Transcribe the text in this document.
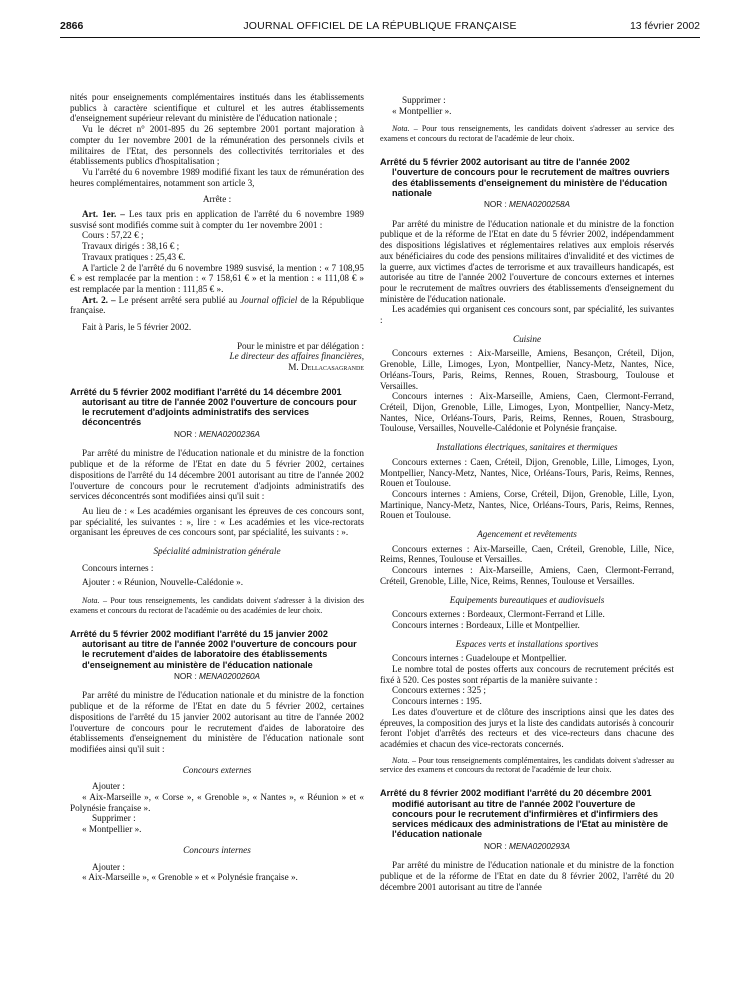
2866	JOURNAL OFFICIEL DE LA RÉPUBLIQUE FRANÇAISE	13 février 2002

nités pour enseignements complémentaires institués dans les établissements publics à caractère scientifique et culturel et les autres établissements d'enseignement supérieur relevant du ministère de l'éducation nationale ;

Vu le décret n° 2001-895 du 26 septembre 2001 portant majoration à compter du 1er novembre 2001 de la rémunération des personnels civils et militaires de l'Etat, des personnels des collectivités territoriales et des établissements publics d'hospitalisation ;

Vu l'arrêté du 6 novembre 1989 modifié fixant les taux de rémunération des heures complémentaires, notamment son article 3,

Arrête :

Art. 1er. – Les taux pris en application de l'arrêté du 6 novembre 1989 susvisé sont modifiés comme suit à compter du 1er novembre 2001 :

Cours : 57,22 € ;

Travaux dirigés : 38,16 € ;

Travaux pratiques : 25,43 €.

A l'article 2 de l'arrêté du 6 novembre 1989 susvisé, la mention : « 7 108,95 € » est remplacée par la mention : « 7 158,61 € » et la mention : « 111,08 € » est remplacée par la mention : 111,85 € ».

Art. 2. – Le présent arrêté sera publié au Journal officiel de la République française.

Fait à Paris, le 5 février 2002.

Pour le ministre et par délégation :

Le directeur des affaires financières,

M. Dellacasagrande

Arrêté du 5 février 2002 modifiant l'arrêté du 14 décembre 2001 autorisant au titre de l'année 2002 l'ouverture de concours pour le recrutement d'adjoints administratifs des services déconcentrés

NOR : MENA0200236A

Par arrêté du ministre de l'éducation nationale et du ministre de la fonction publique et de la réforme de l'Etat en date du 5 février 2002, certaines dispositions de l'arrêté du 14 décembre 2001 autorisant au titre de l'année 2002 l'ouverture de concours pour le recrutement d'adjoints administratifs des services déconcentrés sont modifiées ainsi qu'il suit :

Au lieu de : « Les académies organisant les épreuves de ces concours sont, par spécialité, les suivantes : », lire : « Les académies et les vice-rectorats organisant les épreuves de ces concours sont, par spécialité, les suivants : ».

Spécialité administration générale

Concours internes :

Ajouter : « Réunion, Nouvelle-Calédonie ».

Nota. – Pour tous renseignements, les candidats doivent s'adresser à la division des examens et concours du rectorat de l'académie ou des académies de leur choix.

Arrêté du 5 février 2002 modifiant l'arrêté du 15 janvier 2002 autorisant au titre de l'année 2002 l'ouverture de concours pour le recrutement d'aides de laboratoire des établissements d'enseignement au ministère de l'éducation nationale

NOR : MENA0200260A

Par arrêté du ministre de l'éducation nationale et du ministre de la fonction publique et de la réforme de l'Etat en date du 5 février 2002, certaines dispositions de l'arrêté du 15 janvier 2002 autorisant au titre de l'année 2002 l'ouverture de concours pour le recrutement d'aides de laboratoire des établissements d'enseignement du ministère de l'éducation nationale sont modifiées ainsi qu'il suit :

Concours externes

Ajouter :

« Aix-Marseille », « Corse », « Grenoble », « Nantes », « Réunion » et « Polynésie française ».

Supprimer :

« Montpellier ».

Concours internes

Ajouter :

« Aix-Marseille », « Grenoble » et « Polynésie française ».

Supprimer :

« Montpellier ».

Nota. – Pour tous renseignements, les candidats doivent s'adresser au service des examens et concours du rectorat de l'académie de leur choix.

Arrêté du 5 février 2002 autorisant au titre de l'année 2002 l'ouverture de concours pour le recrutement de maîtres ouvriers des établissements d'enseignement du ministère de l'éducation nationale

NOR : MENA0200258A

Par arrêté du ministre de l'éducation nationale et du ministre de la fonction publique et de la réforme de l'Etat en date du 5 février 2002, indépendamment des dispositions législatives et réglementaires relatives aux emplois réservés aux bénéficiaires du code des pensions militaires d'invalidité et des victimes de la guerre, aux victimes d'actes de terrorisme et aux travailleurs handicapés, est autorisée au titre de l'année 2002 l'ouverture de concours externes et internes pour le recrutement de maîtres ouvriers des établissements d'enseignement du ministère de l'éducation nationale.

Les académies qui organisent ces concours sont, par spécialité, les suivantes :

Cuisine

Concours externes : Aix-Marseille, Amiens, Besançon, Créteil, Dijon, Grenoble, Lille, Limoges, Lyon, Montpellier, Nancy-Metz, Nantes, Nice, Orléans-Tours, Paris, Reims, Rennes, Rouen, Strasbourg, Toulouse et Versailles.

Concours internes : Aix-Marseille, Amiens, Caen, Clermont-Ferrand, Créteil, Dijon, Grenoble, Lille, Limoges, Lyon, Montpellier, Nancy-Metz, Nantes, Nice, Orléans-Tours, Paris, Reims, Rennes, Rouen, Strasbourg, Toulouse, Versailles, Nouvelle-Calédonie et Polynésie française.

Installations électriques, sanitaires et thermiques

Concours externes : Caen, Créteil, Dijon, Grenoble, Lille, Limoges, Lyon, Montpellier, Nancy-Metz, Nantes, Nice, Orléans-Tours, Paris, Reims, Rennes, Rouen et Toulouse.

Concours internes : Amiens, Corse, Créteil, Dijon, Grenoble, Lille, Lyon, Martinique, Nancy-Metz, Nantes, Nice, Orléans-Tours, Paris, Reims, Rennes, Rouen et Toulouse.

Agencement et revêtements

Concours externes : Aix-Marseille, Caen, Créteil, Grenoble, Lille, Nice, Reims, Rennes, Toulouse et Versailles.

Concours internes : Aix-Marseille, Amiens, Caen, Clermont-Ferrand, Créteil, Grenoble, Lille, Nice, Reims, Rennes, Toulouse et Versailles.

Equipements bureautiques et audiovisuels

Concours externes : Bordeaux, Clermont-Ferrand et Lille.

Concours internes : Bordeaux, Lille et Montpellier.

Espaces verts et installations sportives

Concours internes : Guadeloupe et Montpellier.

Le nombre total de postes offerts aux concours de recrutement précités est fixé à 520. Ces postes sont répartis de la manière suivante :

Concours externes : 325 ;

Concours internes : 195.

Les dates d'ouverture et de clôture des inscriptions ainsi que les dates des épreuves, la composition des jurys et la liste des candidats autorisés à concourir feront l'objet d'arrêtés des recteurs et des vice-recteurs dans chacune des académies et chacun des vice-rectorats concernés.

Nota. – Pour tous renseignements complémentaires, les candidats doivent s'adresser au service des examens et concours du rectorat de l'académie de leur choix.

Arrêté du 8 février 2002 modifiant l'arrêté du 20 décembre 2001 modifié autorisant au titre de l'année 2002 l'ouverture de concours pour le recrutement d'infirmières et d'infirmiers des services médicaux des administrations de l'Etat au ministère de l'éducation nationale

NOR : MENA0200293A

Par arrêté du ministre de l'éducation nationale et du ministre de la fonction publique et de la réforme de l'Etat en date du 8 février 2002, l'arrêté du 20 décembre 2001 autorisant au titre de l'année
